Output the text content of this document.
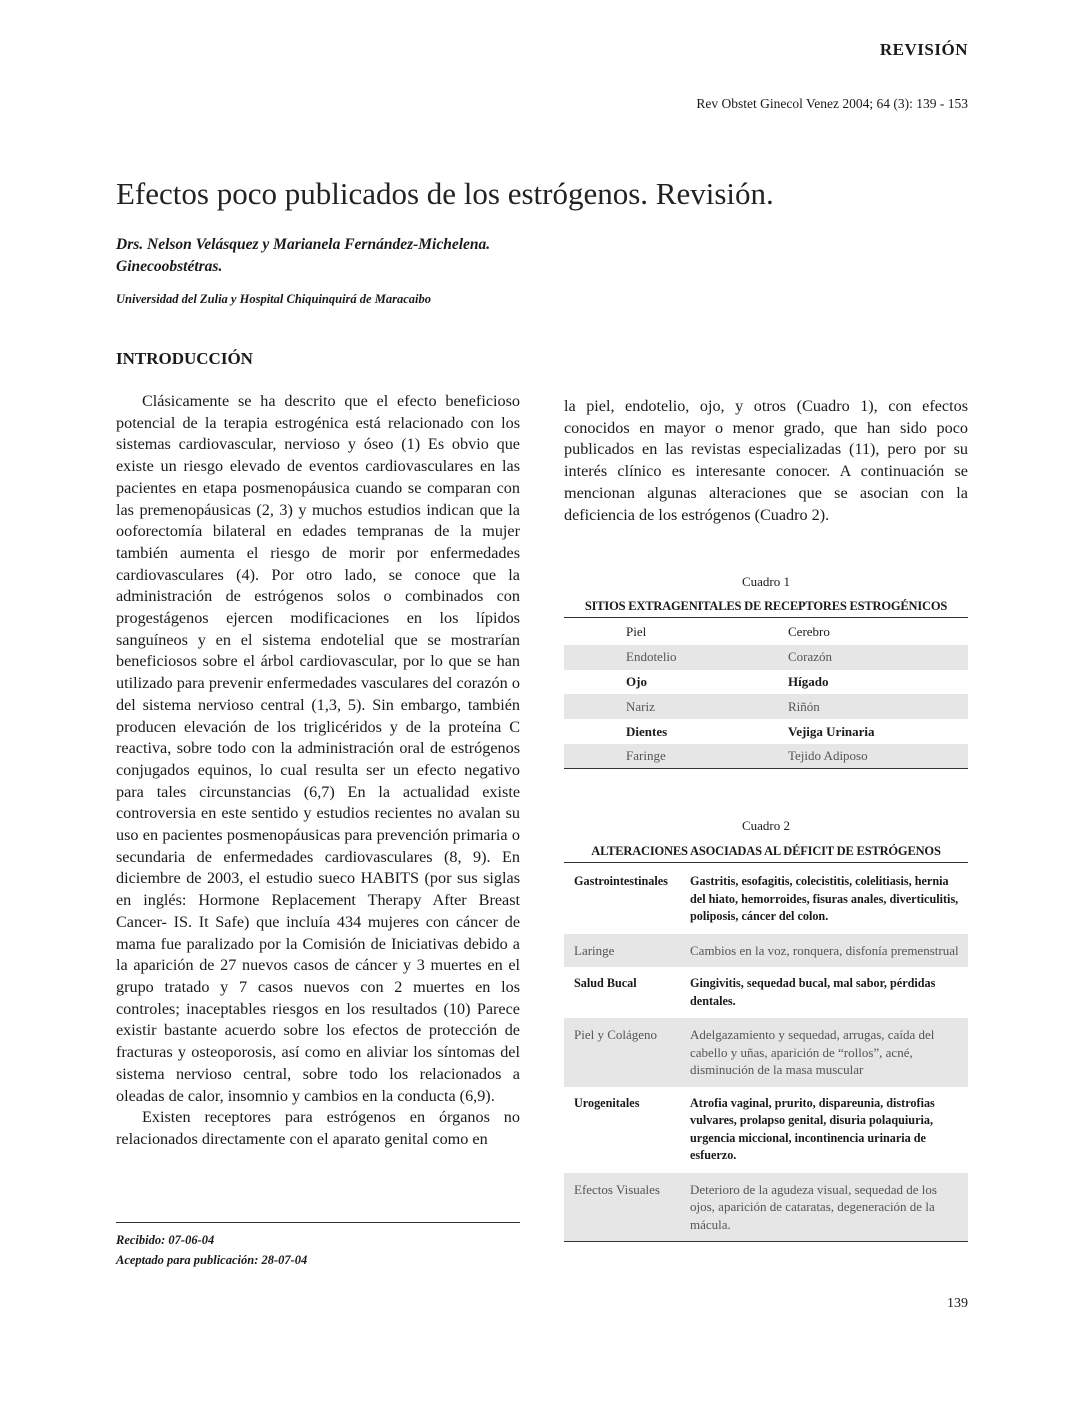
REVISIÓN
Rev Obstet Ginecol Venez 2004; 64 (3): 139 - 153
Efectos poco publicados de los estrógenos. Revisión.
Drs. Nelson Velásquez y Marianela Fernández-Michelena.
Ginecoobstétras.
Universidad del Zulia y Hospital Chiquinquirá de Maracaibo
INTRODUCCIÓN

Clásicamente se ha descrito que el efecto beneficioso potencial de la terapia estrogénica está relacionado con los sistemas cardiovascular, nervioso y óseo (1) Es obvio que existe un riesgo elevado de eventos cardiovasculares en las pacientes en etapa posmenopáusica cuando se comparan con las premenopáusicas (2, 3) y muchos estudios indican que la ooforectomía bilateral en edades tempranas de la mujer también aumenta el riesgo de morir por enfermedades cardiovasculares (4). Por otro lado, se conoce que la administración de estrógenos solos o combinados con progestágenos ejercen modificaciones en los lípidos sanguíneos y en el sistema endotelial que se mostrarían beneficiosos sobre el árbol cardiovascular, por lo que se han utilizado para prevenir enfermedades vasculares del corazón o del sistema nervioso central (1,3, 5). Sin embargo, también producen elevación de los triglicéridos y de la proteína C reactiva, sobre todo con la administración oral de estrógenos conjugados equinos, lo cual resulta ser un efecto negativo para tales circunstancias (6,7) En la actualidad existe controversia en este sentido y estudios recientes no avalan su uso en pacientes posmenopáusicas para prevención primaria o secundaria de enfermedades cardiovasculares (8, 9). En diciembre de 2003, el estudio sueco HABITS (por sus siglas en inglés: Hormone Replacement Therapy After Breast Cancer- IS. It Safe) que incluía 434 mujeres con cáncer de mama fue paralizado por la Comisión de Iniciativas debido a la aparición de 27 nuevos casos de cáncer y 3 muertes en el grupo tratado y 7 casos nuevos con 2 muertes en los controles; inaceptables riesgos en los resultados (10) Parece existir bastante acuerdo sobre los efectos de protección de fracturas y osteoporosis, así como en aliviar los síntomas del sistema nervioso central, sobre todo los relacionados a oleadas de calor, insomnio y cambios en la conducta (6,9).

Existen receptores para estrógenos en órganos no relacionados directamente con el aparato genital como en

la piel, endotelio, ojo, y otros (Cuadro 1), con efectos conocidos en mayor o menor grado, que han sido poco publicados en las revistas especializadas (11), pero por su interés clínico es interesante conocer. A continuación se mencionan algunas alteraciones que se asocian con la deficiencia de los estrógenos (Cuadro 2).

Recibido: 07-06-04
Aceptado para publicación: 28-07-04
Cuadro 1
SITIOS EXTRAGENITALES DE RECEPTORES ESTROGÉNICOS
Piel	Cerebro
Endotelio	Corazón
Ojo	Hígado
Nariz	Riñón
Dientes	Vejiga Urinaria
Faringe	Tejido Adiposo
Cuadro 2
ALTERACIONES ASOCIADAS AL DÉFICIT DE ESTRÓGENOS
Gastrointestinales	Gastritis, esofagitis, colecistitis, colelitiasis, hernia del hiato, hemorroides, fisuras anales, diverticulitis, poliposis, cáncer del colon.
Laringe	Cambios en la voz, ronquera, disfonía premenstrual
Salud Bucal	Gingivitis, sequedad bucal, mal sabor, pérdidas dentales.
Piel y Colágeno	Adelgazamiento y sequedad, arrugas, caída del cabello y uñas, aparición de “rollos”, acné, disminución de la masa muscular
Urogenitales	Atrofia vaginal, prurito, dispareunia, distrofias vulvares, prolapso genital, disuria polaquiuria, urgencia miccional, incontinencia urinaria de esfuerzo.
Efectos Visuales	Deterioro de la agudeza visual, sequedad de los ojos, aparición de cataratas, degeneración de la mácula.
139
